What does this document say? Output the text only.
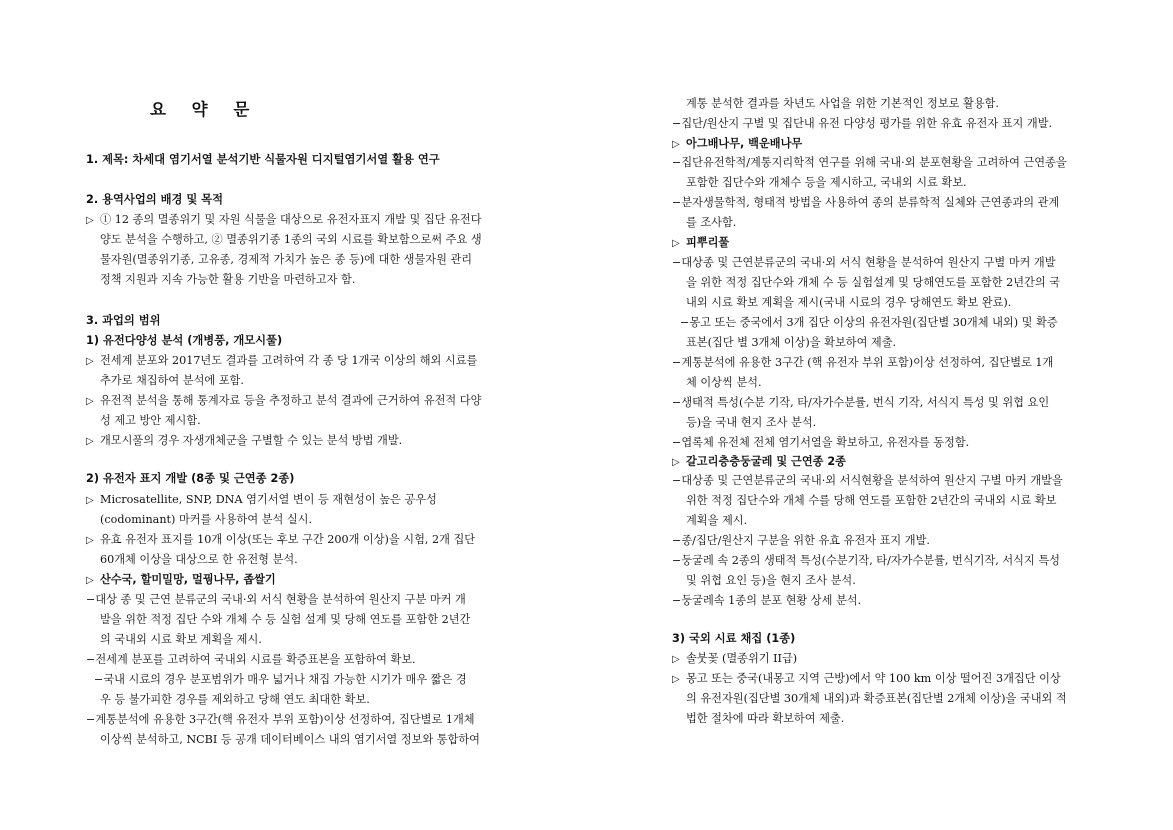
요 약 문
1. 제목: 차세대 염기서열 분석기반 식물자원 디지털염기서열 활용 연구
2. 용역사업의 배경 및 목적
▷ ① 12 종의 멸종위기 및 자원 식물을 대상으로 유전자표지 개발 및 집단 유전다
양도 분석을 수행하고, ② 멸종위기종 1종의 국외 시료를 확보함으로써 주요 생
물자원(멸종위기종, 고유종, 경제적 가치가 높은 종 등)에 대한 생물자원 관리
정책 지원과 지속 가능한 활용 기반을 마련하고자 함.
3. 과업의 범위
1) 유전다양성 분석 (개병풍, 개모시풀)
▷ 전세계 분포와 2017년도 결과를 고려하여 각 종 당 1개국 이상의 해외 시료를
추가로 채집하여 분석에 포함.
▷ 유전적 분석을 통해 통계자료 등을 추정하고 분석 결과에 근거하여 유전적 다양
성 제고 방안 제시함.
▷ 개모시풀의 경우 자생개체군을 구별할 수 있는 분석 방법 개발.
2) 유전자 표지 개발 (8종 및 근연종 2종)
▷ Microsatellite, SNP, DNA 염기서열 변이 등 재현성이 높은 공우성
(codominant) 마커를 사용하여 분석 실시.
▷ 유효 유전자 표지를 10개 이상(또는 후보 구간 200개 이상)을 시험, 2개 집단
60개체 이상을 대상으로 한 유전형 분석.
▷ 산수국, 할미밀망, 멀꿩나무, 좁쌀기
−대상 종 및 근연 분류군의 국내·외 서식 현황을 분석하여 원산지 구분 마커 개
발을 위한 적정 집단 수와 개체 수 등 실험 설계 및 당해 연도를 포함한 2년간
의 국내외 시료 확보 계획을 제시.
−전세계 분포를 고려하여 국내외 시료를 확증표본을 포함하여 확보.
−국내 시료의 경우 분포범위가 매우 넓거나 채집 가능한 시기가 매우 짧은 경
우 등 불가피한 경우를 제외하고 당해 연도 최대한 확보.
−계통분석에 유용한 3구간(핵 유전자 부위 포함)이상 선정하여, 집단별로 1개체
이상씩 분석하고, NCBI 등 공개 데이터베이스 내의 염기서열 정보와 통합하여
계통 분석한 결과를 차년도 사업을 위한 기본적인 정보로 활용함.
−집단/원산지 구별 및 집단내 유전 다양성 평가를 위한 유효 유전자 표지 개발.
▷ 아그배나무, 백운배나무
−집단유전학적/계통지리학적 연구를 위해 국내·외 분포현황을 고려하여 근연종을
포함한 집단수와 개체수 등을 제시하고, 국내외 시료 확보.
−분자생물학적, 형태적 방법을 사용하여 종의 분류학적 실체와 근연종과의 관계
를 조사함.
▷ 피뿌리풀
−대상종 및 근연분류군의 국내·외 서식 현황을 분석하여 원산지 구별 마커 개발
을 위한 적정 집단수와 개체 수 등 실험설계 및 당해연도를 포함한 2년간의 국
내외 시료 확보 계획을 제시(국내 시료의 경우 당해연도 확보 완료).
−몽고 또는 중국에서 3개 집단 이상의 유전자원(집단별 30개체 내외) 및 확증
표본(집단 별 3개체 이상)을 확보하여 제출.
−계통분석에 유용한 3구간 (핵 유전자 부위 포함)이상 선정하여, 집단별로 1개
체 이상씩 분석.
−생태적 특성(수분 기작, 타/자가수분률, 번식 기작, 서식지 특성 및 위협 요인
등)을 국내 현지 조사 분석.
−엽록체 유전체 전체 염기서열을 확보하고, 유전자를 동정함.
▷ 갈고리층층둥굴레 및 근연종 2종
−대상종 및 근연분류군의 국내·외 서식현황을 분석하여 원산지 구별 마커 개발을
위한 적정 집단수와 개체 수를 당해 연도를 포함한 2년간의 국내외 시료 확보
계획을 제시.
−종/집단/원산지 구분을 위한 유효 유전자 표지 개발.
−둥굴레 속 2종의 생태적 특성(수분기작, 타/자가수분률, 번식기작, 서식지 특성
및 위협 요인 등)을 현지 조사 분석.
−둥굴레속 1종의 분포 현황 상세 분석.
3) 국외 시료 채집 (1종)
▷ 솔붓꽃 (멸종위기 II급)
▷ 몽고 또는 중국(내몽고 지역 근방)에서 약 100 km 이상 떨어진 3개집단 이상
의 유전자원(집단별 30개체 내외)과 확증표본(집단별 2개체 이상)을 국내외 적
법한 절차에 따라 확보하여 제출.
